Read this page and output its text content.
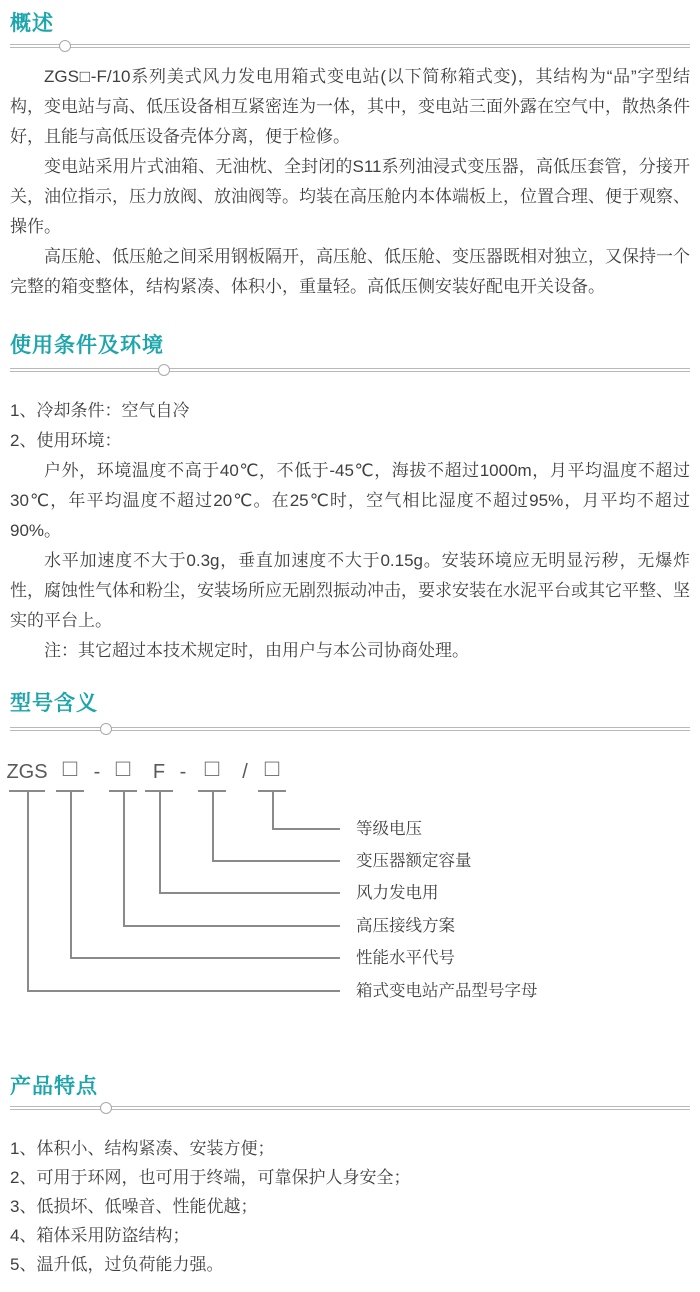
概述

ZGS□-F/10系列美式风力发电用箱式变电站(以下简称箱式变)，其结构为“品”字型结构，变电站与高、低压设备相互紧密连为一体，其中，变电站三面外露在空气中，散热条件好，且能与高低压设备壳体分离，便于检修。

变电站采用片式油箱、无油枕、全封闭的S11系列油浸式变压器，高低压套管，分接开关，油位指示，压力放阀、放油阀等。均装在高压舱内本体端板上，位置合理、便于观察、操作。

高压舱、低压舱之间采用钢板隔开，高压舱、低压舱、变压器既相对独立，又保持一个完整的箱变整体，结构紧凑、体积小，重量轻。高低压侧安装好配电开关设备。

使用条件及环境

1、冷却条件：空气自冷

2、使用环境：

户外，环境温度不高于40℃，不低于-45℃，海拔不超过1000m，月平均温度不超过30℃，年平均温度不超过20℃。在25℃时，空气相比湿度不超过95%，月平均不超过90%。

水平加速度不大于0.3g，垂直加速度不大于0.15g。安装环境应无明显污秽，无爆炸性，腐蚀性气体和粉尘，安装场所应无剧烈振动冲击，要求安装在水泥平台或其它平整、坚实的平台上。

注：其它超过本技术规定时，由用户与本公司协商处理。

型号含义
ZGS □ - □ F - □ / □
等级电压
变压器额定容量
风力发电用
高压接线方案
性能水平代号
箱式变电站产品型号字母
产品特点
1、体积小、结构紧凑、安装方便；
2、可用于环网，也可用于终端，可靠保护人身安全；
3、低损坏、低噪音、性能优越；
4、箱体采用防盗结构；
5、温升低，过负荷能力强。
